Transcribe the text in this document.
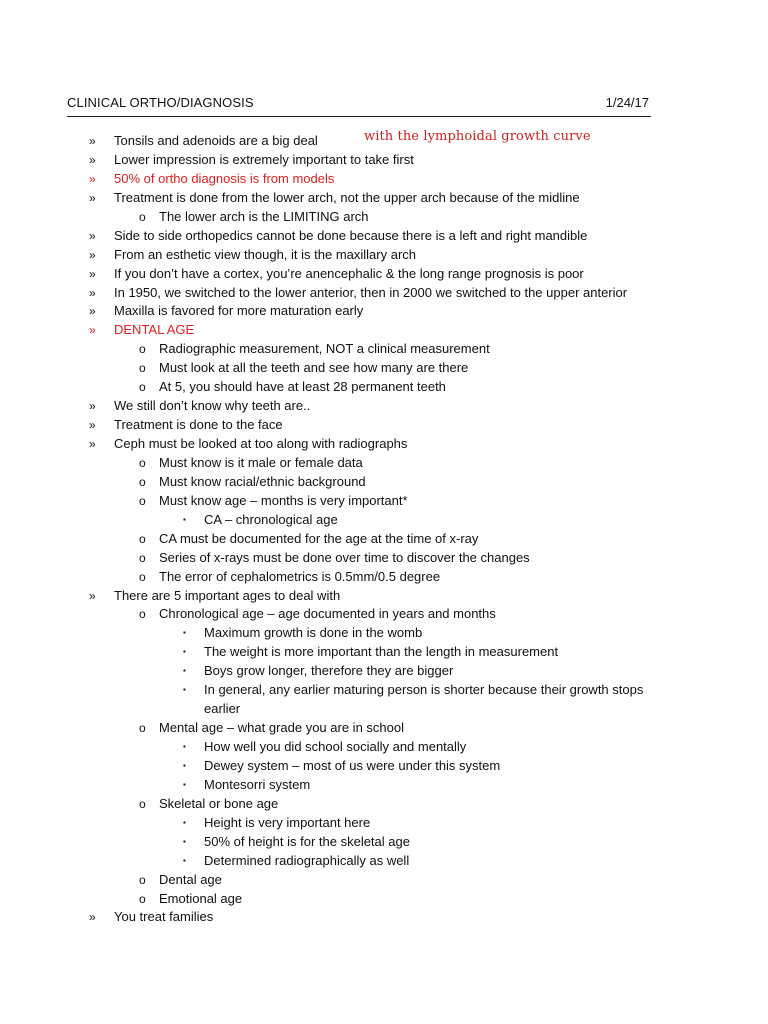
CLINICAL ORTHO/DIAGNOSIS	1/24/17
with the lymphoidal growth curve
» Tonsils and adenoids are a big deal
» Lower impression is extremely important to take first
» 50% of ortho diagnosis is from models
» Treatment is done from the lower arch, not the upper arch because of the midline
o The lower arch is the LIMITING arch
» Side to side orthopedics cannot be done because there is a left and right mandible
» From an esthetic view though, it is the maxillary arch
» If you don’t have a cortex, you’re anencephalic & the long range prognosis is poor
» In 1950, we switched to the lower anterior, then in 2000 we switched to the upper anterior
» Maxilla is favored for more maturation early
» DENTAL AGE
o Radiographic measurement, NOT a clinical measurement
o Must look at all the teeth and see how many are there
o At 5, you should have at least 28 permanent teeth
» We still don’t know why teeth are..
» Treatment is done to the face
» Ceph must be looked at too along with radiographs
o Must know is it male or female data
o Must know racial/ethnic background
o Must know age – months is very important*
▪ CA – chronological age
o CA must be documented for the age at the time of x-ray
o Series of x-rays must be done over time to discover the changes
o The error of cephalometrics is 0.5mm/0.5 degree
» There are 5 important ages to deal with
o Chronological age – age documented in years and months
▪ Maximum growth is done in the womb
▪ The weight is more important than the length in measurement
▪ Boys grow longer, therefore they are bigger
▪ In general, any earlier maturing person is shorter because their growth stops earlier
o Mental age – what grade you are in school
▪ How well you did school socially and mentally
▪ Dewey system – most of us were under this system
▪ Montesorri system
o Skeletal or bone age
▪ Height is very important here
▪ 50% of height is for the skeletal age
▪ Determined radiographically as well
o Dental age
o Emotional age
» You treat families
